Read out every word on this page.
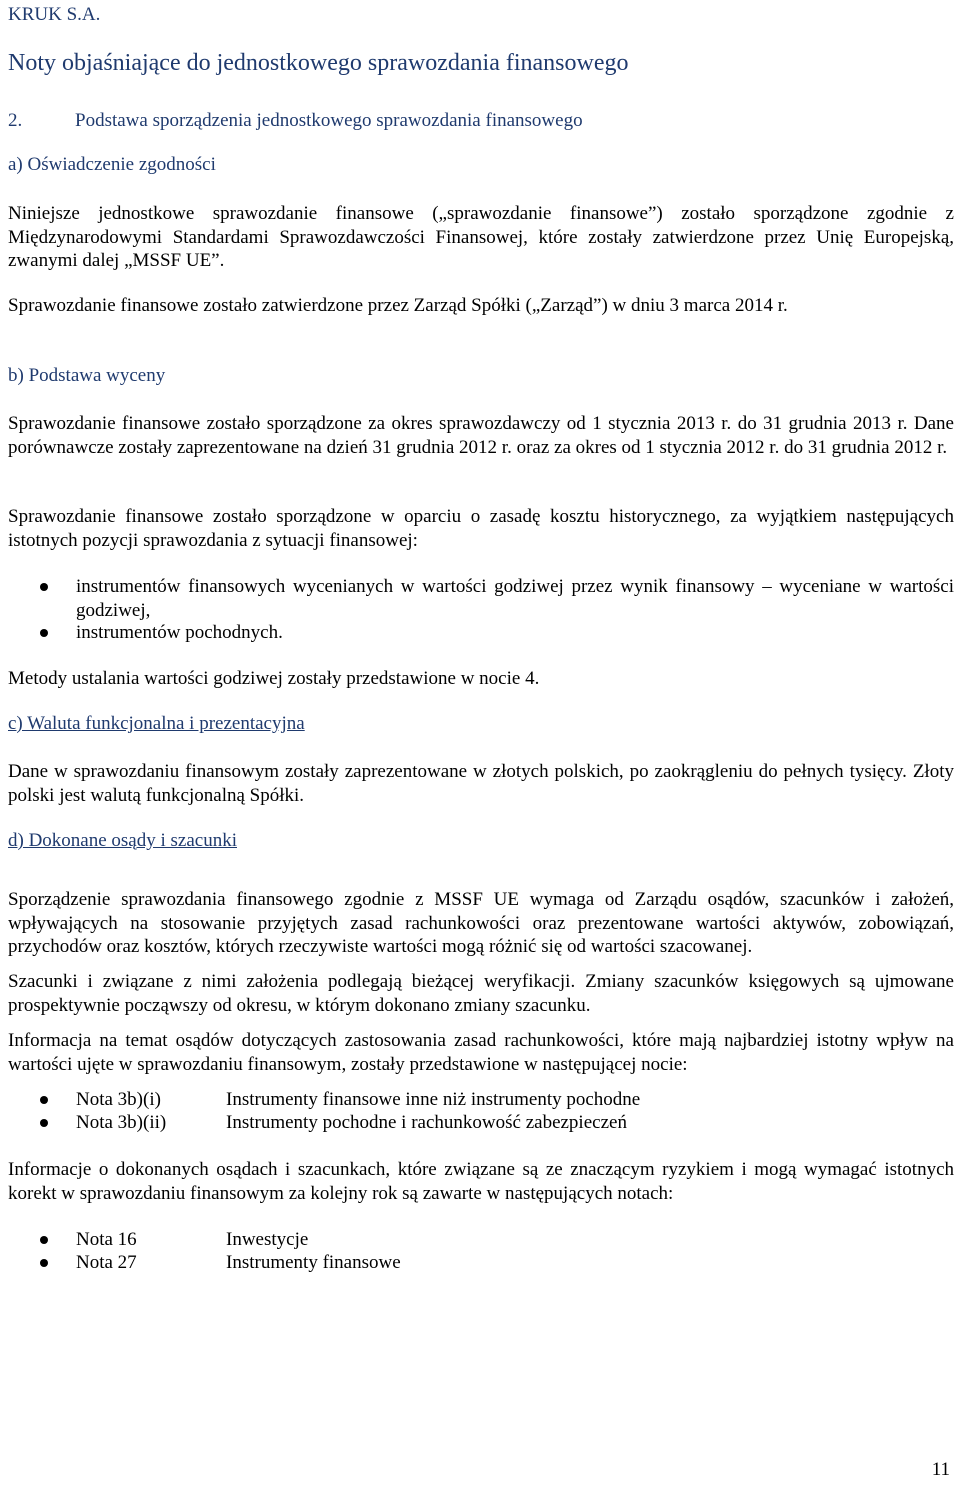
KRUK S.A.
Noty objaśniające do jednostkowego sprawozdania finansowego
2.	Podstawa sporządzenia jednostkowego sprawozdania finansowego
a) Oświadczenie zgodności

Niniejsze jednostkowe sprawozdanie finansowe („sprawozdanie finansowe”) zostało sporządzone zgodnie z Międzynarodowymi Standardami Sprawozdawczości Finansowej, które zostały zatwierdzone przez Unię Europejską, zwanymi dalej „MSSF UE”.

Sprawozdanie finansowe zostało zatwierdzone przez Zarząd Spółki („Zarząd”) w dniu 3 marca 2014 r.

b) Podstawa wyceny

Sprawozdanie finansowe zostało sporządzone za okres sprawozdawczy od 1 stycznia 2013 r. do 31 grudnia 2013 r. Dane porównawcze zostały zaprezentowane na dzień 31 grudnia 2012 r. oraz za okres od 1 stycznia 2012 r. do 31 grudnia 2012 r.

Sprawozdanie finansowe zostało sporządzone w oparciu o zasadę kosztu historycznego, za wyjątkiem następujących istotnych pozycji sprawozdania z sytuacji finansowej:

instrumentów finansowych wycenianych w wartości godziwej przez wynik finansowy – wyceniane w wartości godziwej,
instrumentów pochodnych.

Metody ustalania wartości godziwej zostały przedstawione w nocie 4.

c) Waluta funkcjonalna i prezentacyjna

Dane w sprawozdaniu finansowym zostały zaprezentowane w złotych polskich, po zaokrągleniu do pełnych tysięcy. Złoty polski jest walutą funkcjonalną Spółki.

d) Dokonane osądy i szacunki

Sporządzenie sprawozdania finansowego zgodnie z MSSF UE wymaga od Zarządu osądów, szacunków i założeń, wpływających na stosowanie przyjętych zasad rachunkowości oraz prezentowane wartości aktywów, zobowiązań, przychodów oraz kosztów, których rzeczywiste wartości mogą różnić się od wartości szacowanej.

Szacunki i związane z nimi założenia podlegają bieżącej weryfikacji. Zmiany szacunków księgowych są ujmowane prospektywnie począwszy od okresu, w którym dokonano zmiany szacunku.

Informacja na temat osądów dotyczących zastosowania zasad rachunkowości, które mają najbardziej istotny wpływ na wartości ujęte w sprawozdaniu finansowym, zostały przedstawione w następującej nocie:

Nota 3b)(i)	Instrumenty finansowe inne niż instrumenty pochodne
Nota 3b)(ii)	Instrumenty pochodne i rachunkowość zabezpieczeń

Informacje o dokonanych osądach i szacunkach, które związane są ze znaczącym ryzykiem i mogą wymagać istotnych korekt w sprawozdaniu finansowym za kolejny rok są zawarte w następujących notach:

Nota 16	Inwestycje
Nota 27	Instrumenty finansowe
11
